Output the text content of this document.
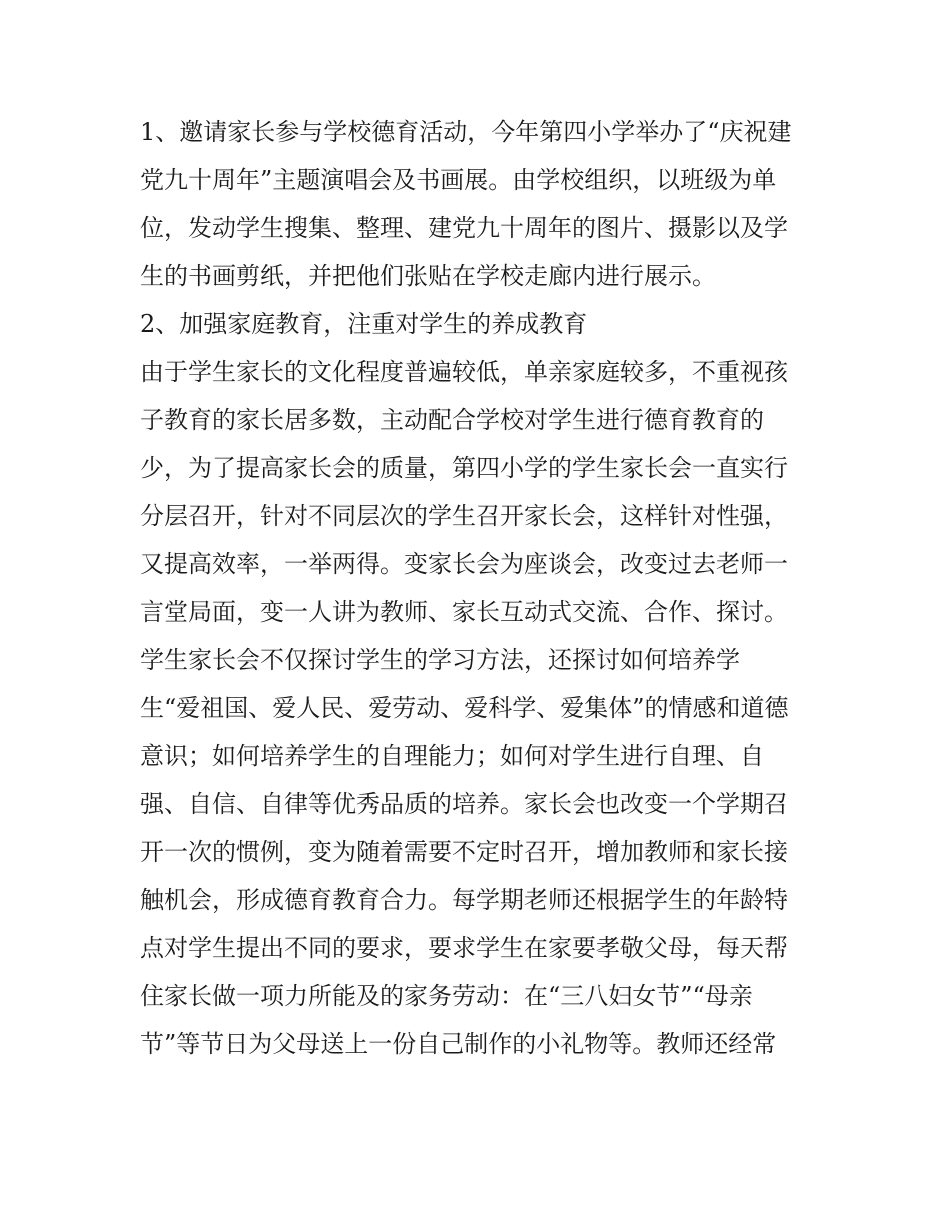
1、邀请家长参与学校德育活动，今年第四小学举办了“庆祝建
党九十周年”主题演唱会及书画展。由学校组织，以班级为单
位，发动学生搜集、整理、建党九十周年的图片、摄影以及学
生的书画剪纸，并把他们张贴在学校走廊内进行展示。
2、加强家庭教育，注重对学生的养成教育
由于学生家长的文化程度普遍较低，单亲家庭较多，不重视孩
子教育的家长居多数，主动配合学校对学生进行德育教育的
少，为了提高家长会的质量，第四小学的学生家长会一直实行
分层召开，针对不同层次的学生召开家长会，这样针对性强，
又提高效率，一举两得。变家长会为座谈会，改变过去老师一
言堂局面，变一人讲为教师、家长互动式交流、合作、探讨。
学生家长会不仅探讨学生的学习方法，还探讨如何培养学
生“爱祖国、爱人民、爱劳动、爱科学、爱集体”的情感和道德
意识；如何培养学生的自理能力；如何对学生进行自理、自
强、自信、自律等优秀品质的培养。家长会也改变一个学期召
开一次的惯例，变为随着需要不定时召开，增加教师和家长接
触机会，形成德育教育合力。每学期老师还根据学生的年龄特
点对学生提出不同的要求，要求学生在家要孝敬父母，每天帮
住家长做一项力所能及的家务劳动：在“三八妇女节”“母亲
节”等节日为父母送上一份自己制作的小礼物等。教师还经常
